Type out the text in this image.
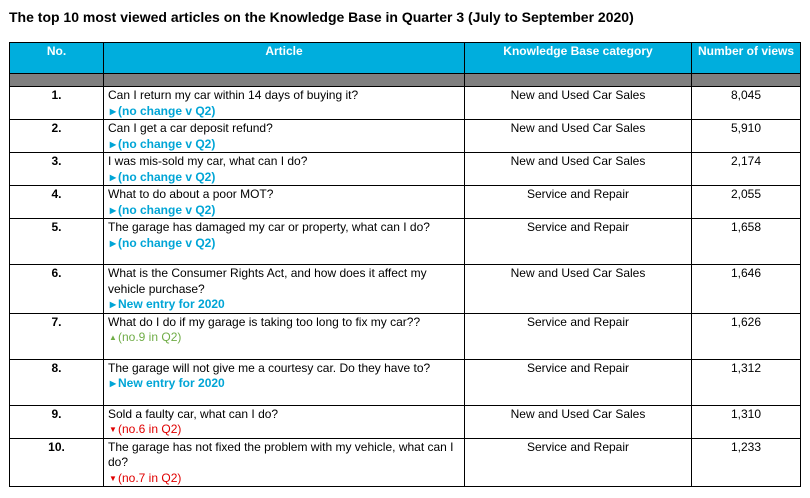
The top 10 most viewed articles on the Knowledge Base in Quarter 3 (July to September 2020)
No.	Article	Knowledge Base category	Number of views

1.	Can I return my car within 14 days of buying it?
▶ (no change v Q2)	New and Used Car Sales	8,045
2.	Can I get a car deposit refund?
▶ (no change v Q2)	New and Used Car Sales	5,910
3.	I was mis-sold my car, what can I do?
▶ (no change v Q2)	New and Used Car Sales	2,174
4.	What to do about a poor MOT?
▶ (no change v Q2)	Service and Repair	2,055
5.	The garage has damaged my car or property, what can I do?
▶ (no change v Q2)	Service and Repair	1,658
6.	What is the Consumer Rights Act, and how does it affect my vehicle purchase?
▶ New entry for 2020	New and Used Car Sales	1,646
7.	What do I do if my garage is taking too long to fix my car??
▲(no.9 in Q2)	Service and Repair	1,626
8.	The garage will not give me a courtesy car. Do they have to?
▶ New entry for 2020	Service and Repair	1,312
9.	Sold a faulty car, what can I do?
▼(no.6 in Q2)	New and Used Car Sales	1,310
10.	The garage has not fixed the problem with my vehicle, what can I do?
▼(no.7 in Q2)	Service and Repair	1,233
